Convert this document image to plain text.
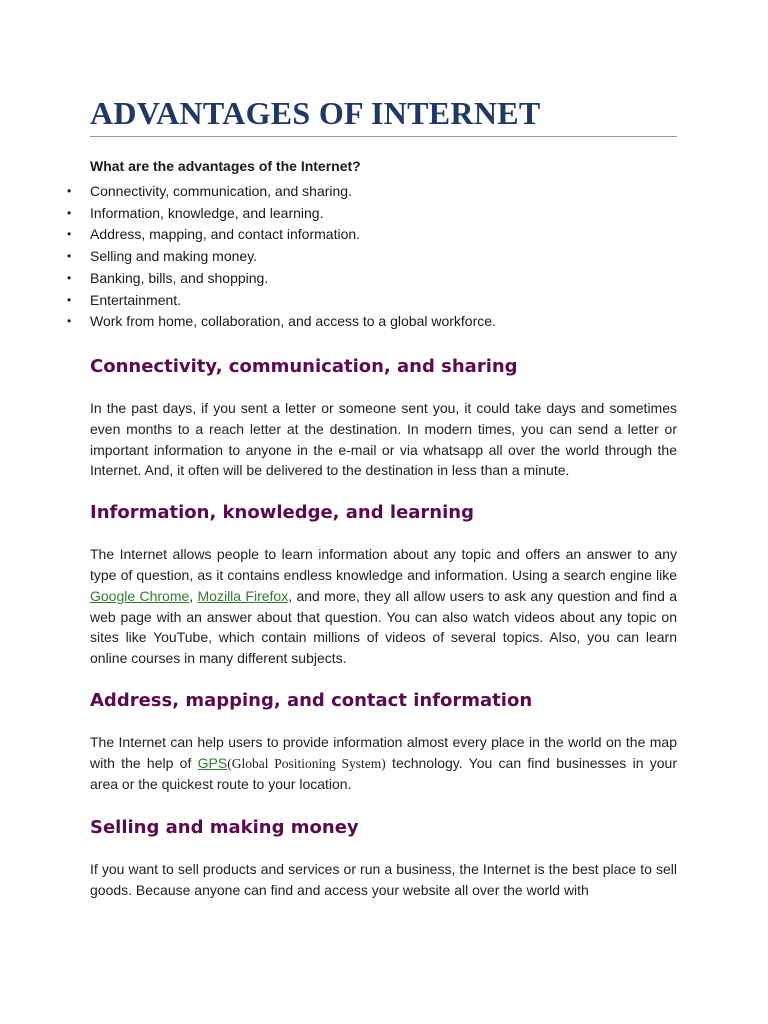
ADVANTAGES OF INTERNET

What are the advantages of the Internet?

• Connectivity, communication, and sharing.
• Information, knowledge, and learning.
• Address, mapping, and contact information.
• Selling and making money.
• Banking, bills, and shopping.
• Entertainment.
• Work from home, collaboration, and access to a global workforce.
Connectivity, communication, and sharing

In the past days, if you sent a letter or someone sent you, it could take days and sometimes even months to a reach letter at the destination. In modern times, you can send a letter or important information to anyone in the e-mail or via whatsapp all over the world through the Internet. And, it often will be delivered to the destination in less than a minute.

Information, knowledge, and learning

The Internet allows people to learn information about any topic and offers an answer to any type of question, as it contains endless knowledge and information. Using a search engine like Google Chrome, Mozilla Firefox, and more, they all allow users to ask any question and find a web page with an answer about that question. You can also watch videos about any topic on sites like YouTube, which contain millions of videos of several topics. Also, you can learn online courses in many different subjects.

Address, mapping, and contact information

The Internet can help users to provide information almost every place in the world on the map with the help of GPS(Global Positioning System) technology. You can find businesses in your area or the quickest route to your location.

Selling and making money

If you want to sell products and services or run a business, the Internet is the best place to sell goods. Because anyone can find and access your website all over the world with
